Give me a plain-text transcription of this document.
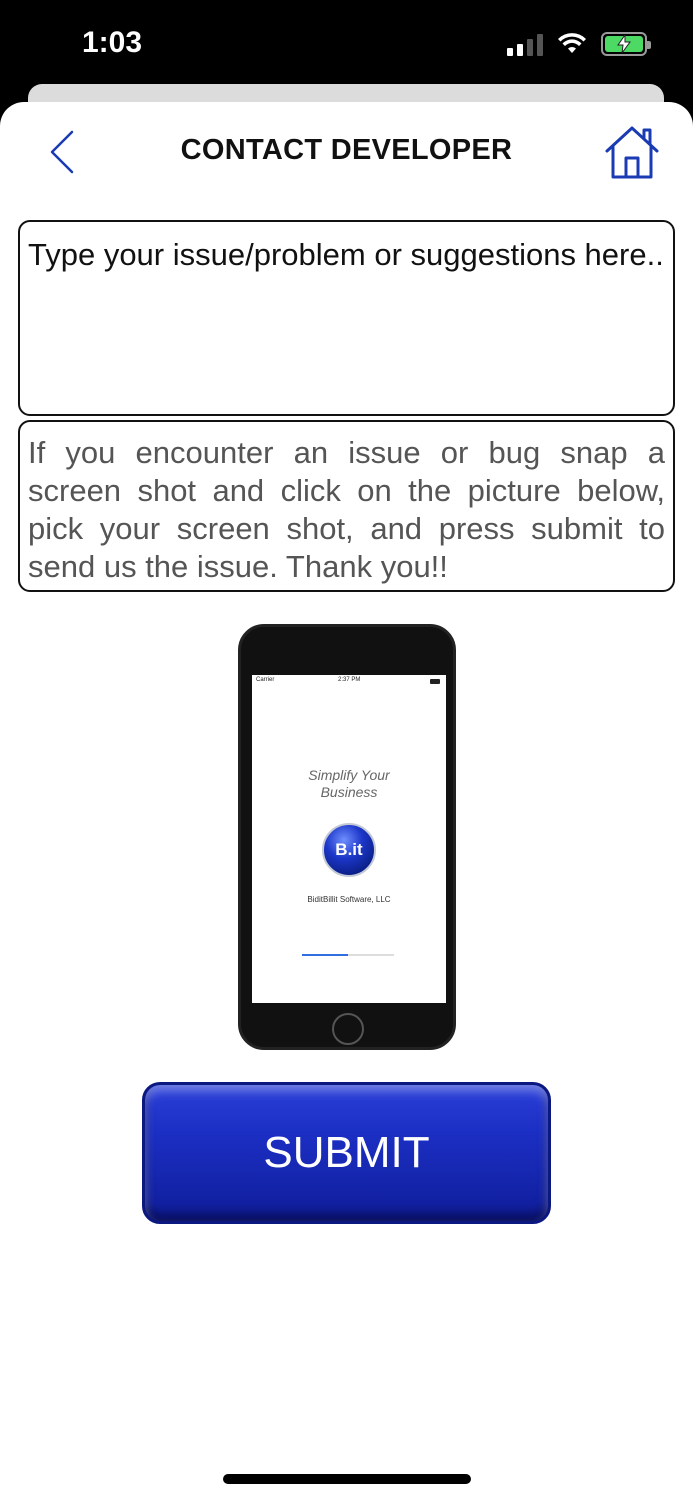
1:03
CONTACT DEVELOPER
Type your issue/problem or suggestions here..
If you encounter an issue or bug snap a screen shot and click on the picture below, pick your screen shot, and press submit to send us the issue. Thank you!!
Carrier	2:37 PM
Simplify Your
Business
B.it
BiditBillit Software, LLC
SUBMIT
